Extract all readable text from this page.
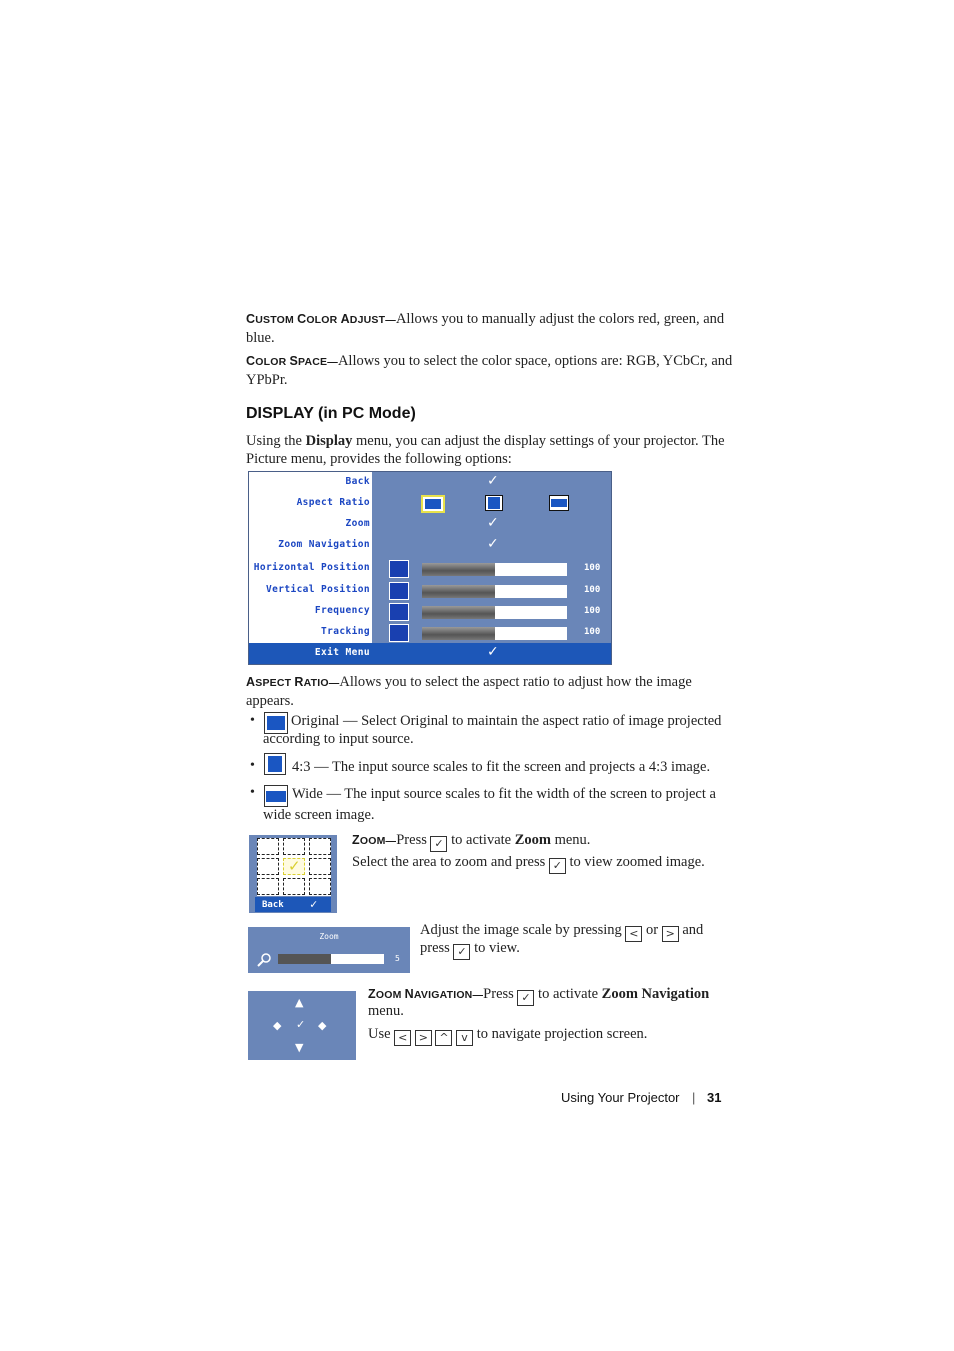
CUSTOM COLOR ADJUST—Allows you to manually adjust the colors red, green, and blue.
COLOR SPACE—Allows you to select the color space, options are: RGB, YCbCr, and YPbPr.
DISPLAY (in PC Mode)
Using the Display menu, you can adjust the display settings of your projector. The Picture menu, provides the following options:
Back	✓
Aspect Ratio
Zoom	✓
Zoom Navigation	✓
Horizontal Position	100
Vertical Position	100
Frequency	100
Tracking	100
Exit Menu	✓
ASPECT RATIO—Allows you to select the aspect ratio to adjust how the image appears.
• Original — Select Original to maintain the aspect ratio of image projected
according to input source.
•	4:3 — The input source scales to fit the screen and projects a 4:3 image.
•	Wide — The input source scales to fit the width of the screen to project a
wide screen image.
✓
Back ✓
ZOOM—Press ✓ to activate Zoom menu.
Select the area to zoom and press ✓ to view zoomed image.
Zoom
5
Adjust the image scale by pressing < or > and
press ✓ to view.
▲
◆ ✓ ◆
▼
ZOOM NAVIGATION—Press ✓ to activate Zoom Navigation
menu.
Use < > ^ v to navigate projection screen.
Using Your Projector | 31
